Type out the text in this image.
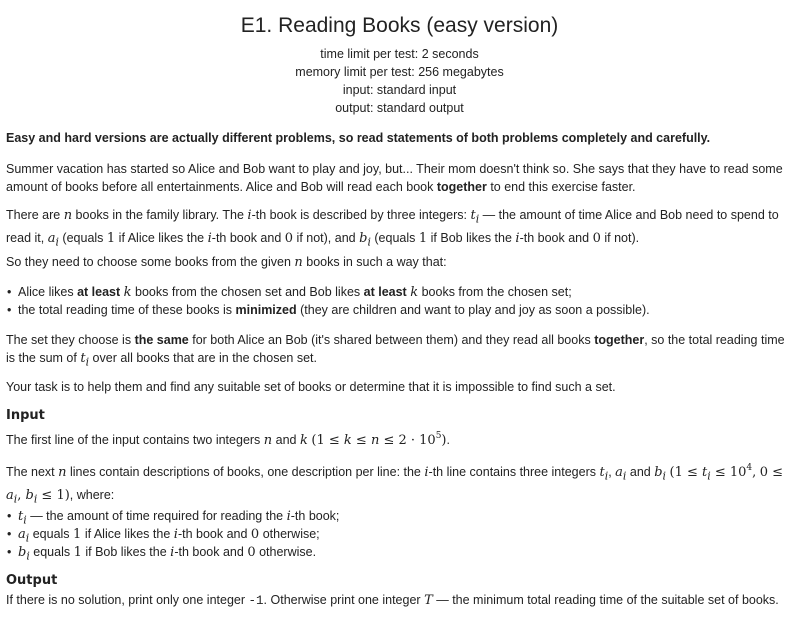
E1. Reading Books (easy version)
time limit per test: 2 seconds
memory limit per test: 256 megabytes
input: standard input
output: standard output
Easy and hard versions are actually different problems, so read statements of both problems completely and carefully.
Summer vacation has started so Alice and Bob want to play and joy, but... Their mom doesn't think so. She says that they have to read some amount of books before all entertainments. Alice and Bob will read each book together to end this exercise faster.
There are n books in the family library. The i-th book is described by three integers: $t_i$ — the amount of time Alice and Bob need to spend to read it, $a_i$ (equals 1 if Alice likes the i-th book and 0 if not), and $b_i$ (equals 1 if Bob likes the i-th book and 0 if not).
So they need to choose some books from the given n books in such a way that:
• Alice likes at least k books from the chosen set and Bob likes at least k books from the chosen set;
• the total reading time of these books is minimized (they are children and want to play and joy as soon a possible).
The set they choose is the same for both Alice an Bob (it's shared between them) and they read all books together, so the total reading time is the sum of $t_i$ over all books that are in the chosen set.
Your task is to help them and find any suitable set of books or determine that it is impossible to find such a set.
Input
The first line of the input contains two integers n and k $(1 \le k \le n \le 2 \cdot 10^5)$.
The next n lines contain descriptions of books, one description per line: the i-th line contains three integers $t_i$, $a_i$ and $b_i$ ($1 \le t_i \le 10^4$, $0 \le a_i$, $b_i \le 1$), where:
• $t_i$ — the amount of time required for reading the i-th book;
• $a_i$ equals 1 if Alice likes the i-th book and 0 otherwise;
• $b_i$ equals 1 if Bob likes the i-th book and 0 otherwise.
Output
If there is no solution, print only one integer -1. Otherwise print one integer T — the minimum total reading time of the suitable set of books.
